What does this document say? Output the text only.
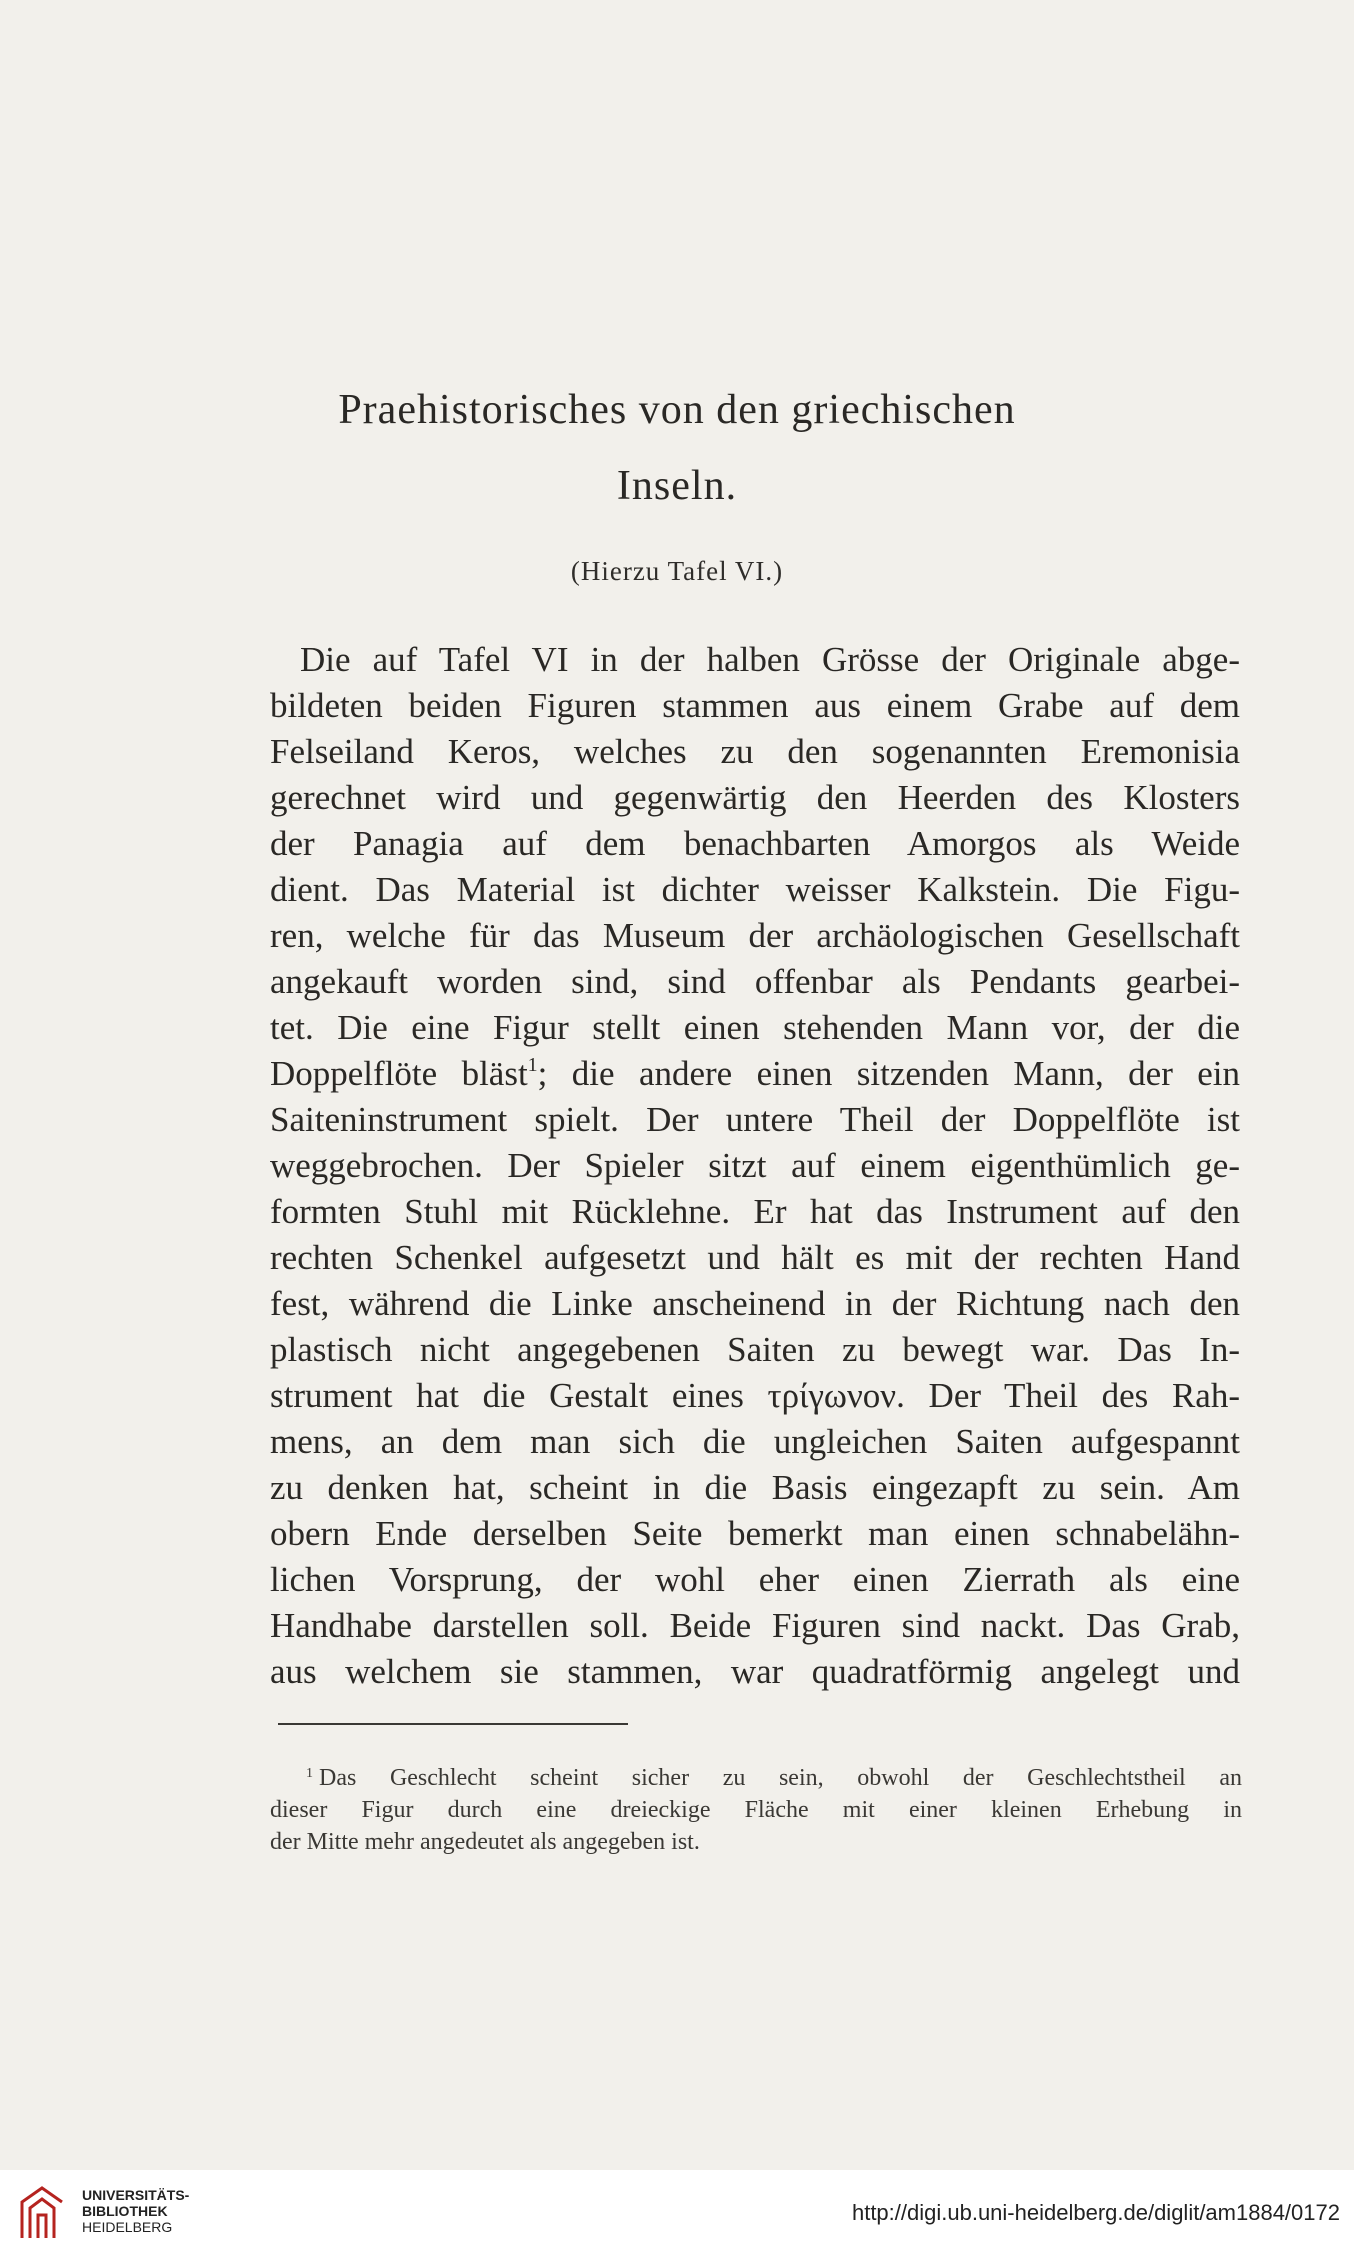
Praehistorisches von den griechischen
Inseln.
(Hierzu Tafel VI.)
Die auf Tafel VI in der halben Grösse der Originale abge-
bildeten beiden Figuren stammen aus einem Grabe auf dem
Felseiland Keros, welches zu den sogenannten Eremonisia
gerechnet wird und gegenwärtig den Heerden des Klosters
der Panagia auf dem benachbarten Amorgos als Weide
dient. Das Material ist dichter weisser Kalkstein. Die Figu-
ren, welche für das Museum der archäologischen Gesellschaft
angekauft worden sind, sind offenbar als Pendants gearbei-
tet. Die eine Figur stellt einen stehenden Mann vor, der die
Doppelflöte bläst$^1$; die andere einen sitzenden Mann, der ein
Saiteninstrument spielt. Der untere Theil der Doppelflöte ist
weggebrochen. Der Spieler sitzt auf einem eigenthümlich ge-
formten Stuhl mit Rücklehne. Er hat das Instrument auf den
rechten Schenkel aufgesetzt und hält es mit der rechten Hand
fest, während die Linke anscheinend in der Richtung nach den
plastisch nicht angegebenen Saiten zu bewegt war. Das In-
strument hat die Gestalt eines τρίγωνον. Der Theil des Rah-
mens, an dem man sich die ungleichen Saiten aufgespannt
zu denken hat, scheint in die Basis eingezapft zu sein. Am
obern Ende derselben Seite bemerkt man einen schnabelähn-
lichen Vorsprung, der wohl eher einen Zierrath als eine
Handhabe darstellen soll. Beide Figuren sind nackt. Das Grab,
aus welchem sie stammen, war quadratförmig angelegt und
$^1$ Das Geschlecht scheint sicher zu sein, obwohl der Geschlechtstheil an
dieser Figur durch eine dreieckige Fläche mit einer kleinen Erhebung in
der Mitte mehr angedeutet als angegeben ist.
UNIVERSITÄTS-
BIBLIOTHEK
HEIDELBERG
http://digi.ub.uni-heidelberg.de/diglit/am1884/0172
